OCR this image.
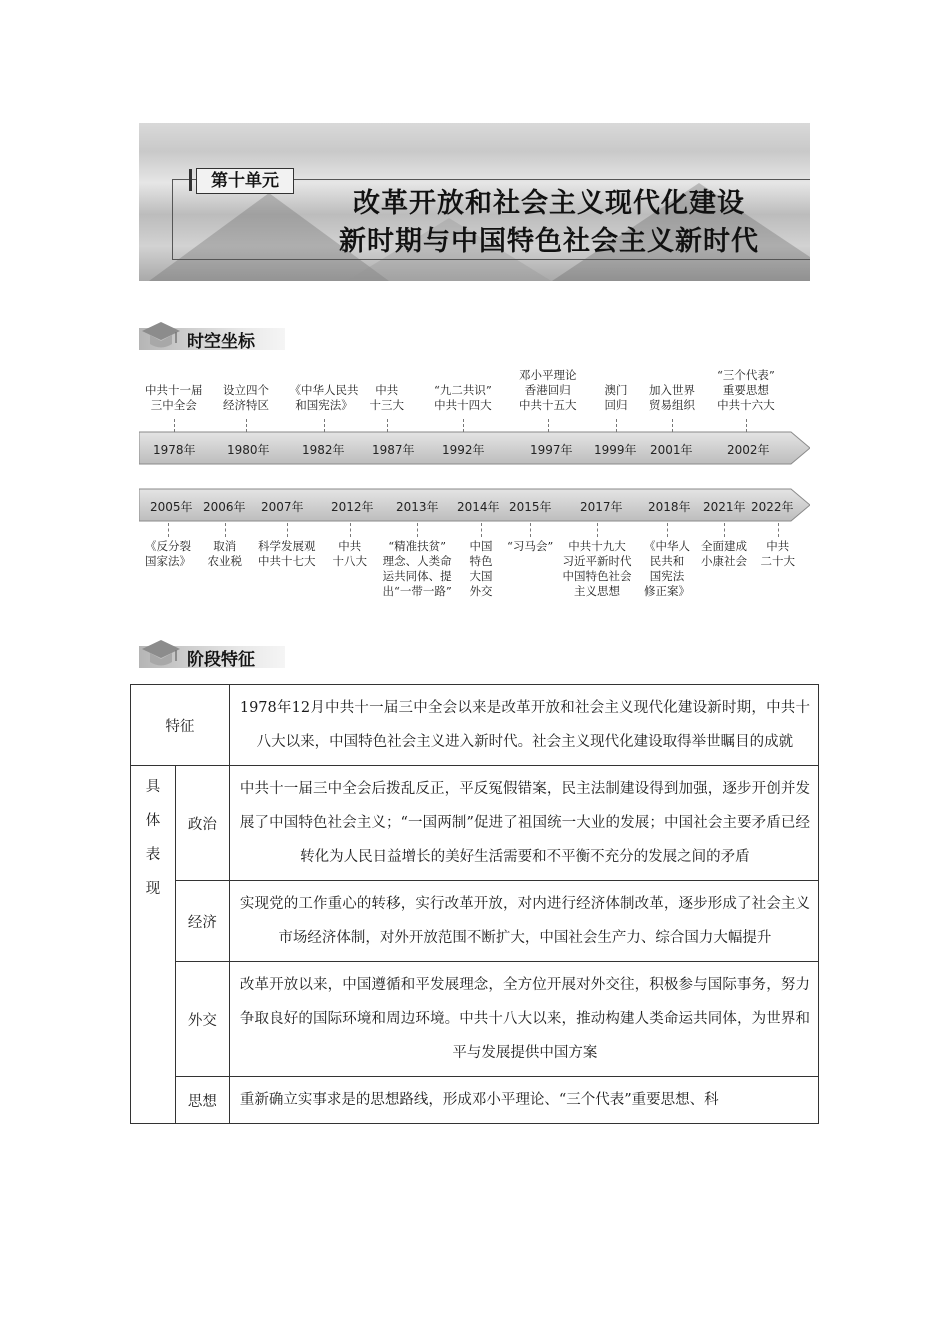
第十单元
改革开放和社会主义现代化建设
新时期与中国特色社会主义新时代
时空坐标
1978年	1980年	1982年 1987年 1992年	1997年 1999年 2001年	2002年
中共十一届
三中全会
设立四个
经济特区
《中华人民共
和国宪法》
中共
十三大
“九二共识”
中共十四大
邓小平理论
香港回归
中共十五大
澳门
回归
加入世界
贸易组织
“三个代表”
重要思想
中共十六大
2005年 2006年 2007年 2012年 2013年 2014年 2015年 2017年 2018年 2021年 2022年
《反分裂
国家法》
取消
农业税
科学发展观
中共十七大
中共
十八大
“精准扶贫”
理念、人类命
运共同体、提
出“一带一路”
中国
特色
大国
外交
“习马会”	中共十九大
习近平新时代
中国特色社会
主义思想
《中华人
民共和
国宪法
修正案》
全面建成
小康社会
中共
二十大
阶段特征
特征		1978年12月中共十一届三中全会以来是改革开放和社会主义现代化建设新时期，中共十八大以来，中国特色社会主义进入新时代。社会主义现代化建设取得举世瞩目的成就

具
体
表
现	政治	中共十一届三中全会后拨乱反正，平反冤假错案，民主法制建设得到加强，逐步开创并发展了中国特色社会主义；“一国两制”促进了祖国统一大业的发展；中国社会主要矛盾已经转化为人民日益增长的美好生活需要和不平衡不充分的发展之间的矛盾
	经济	实现党的工作重心的转移，实行改革开放，对内进行经济体制改革，逐步形成了社会主义市场经济体制，对外开放范围不断扩大，中国社会生产力、综合国力大幅提升
	外交	改革开放以来，中国遵循和平发展理念，全方位开展对外交往，积极参与国际事务，努力争取良好的国际环境和周边环境。中共十八大以来，推动构建人类命运共同体，为世界和平与发展提供中国方案
	思想	重新确立实事求是的思想路线，形成邓小平理论、“三个代表”重要思想、科
